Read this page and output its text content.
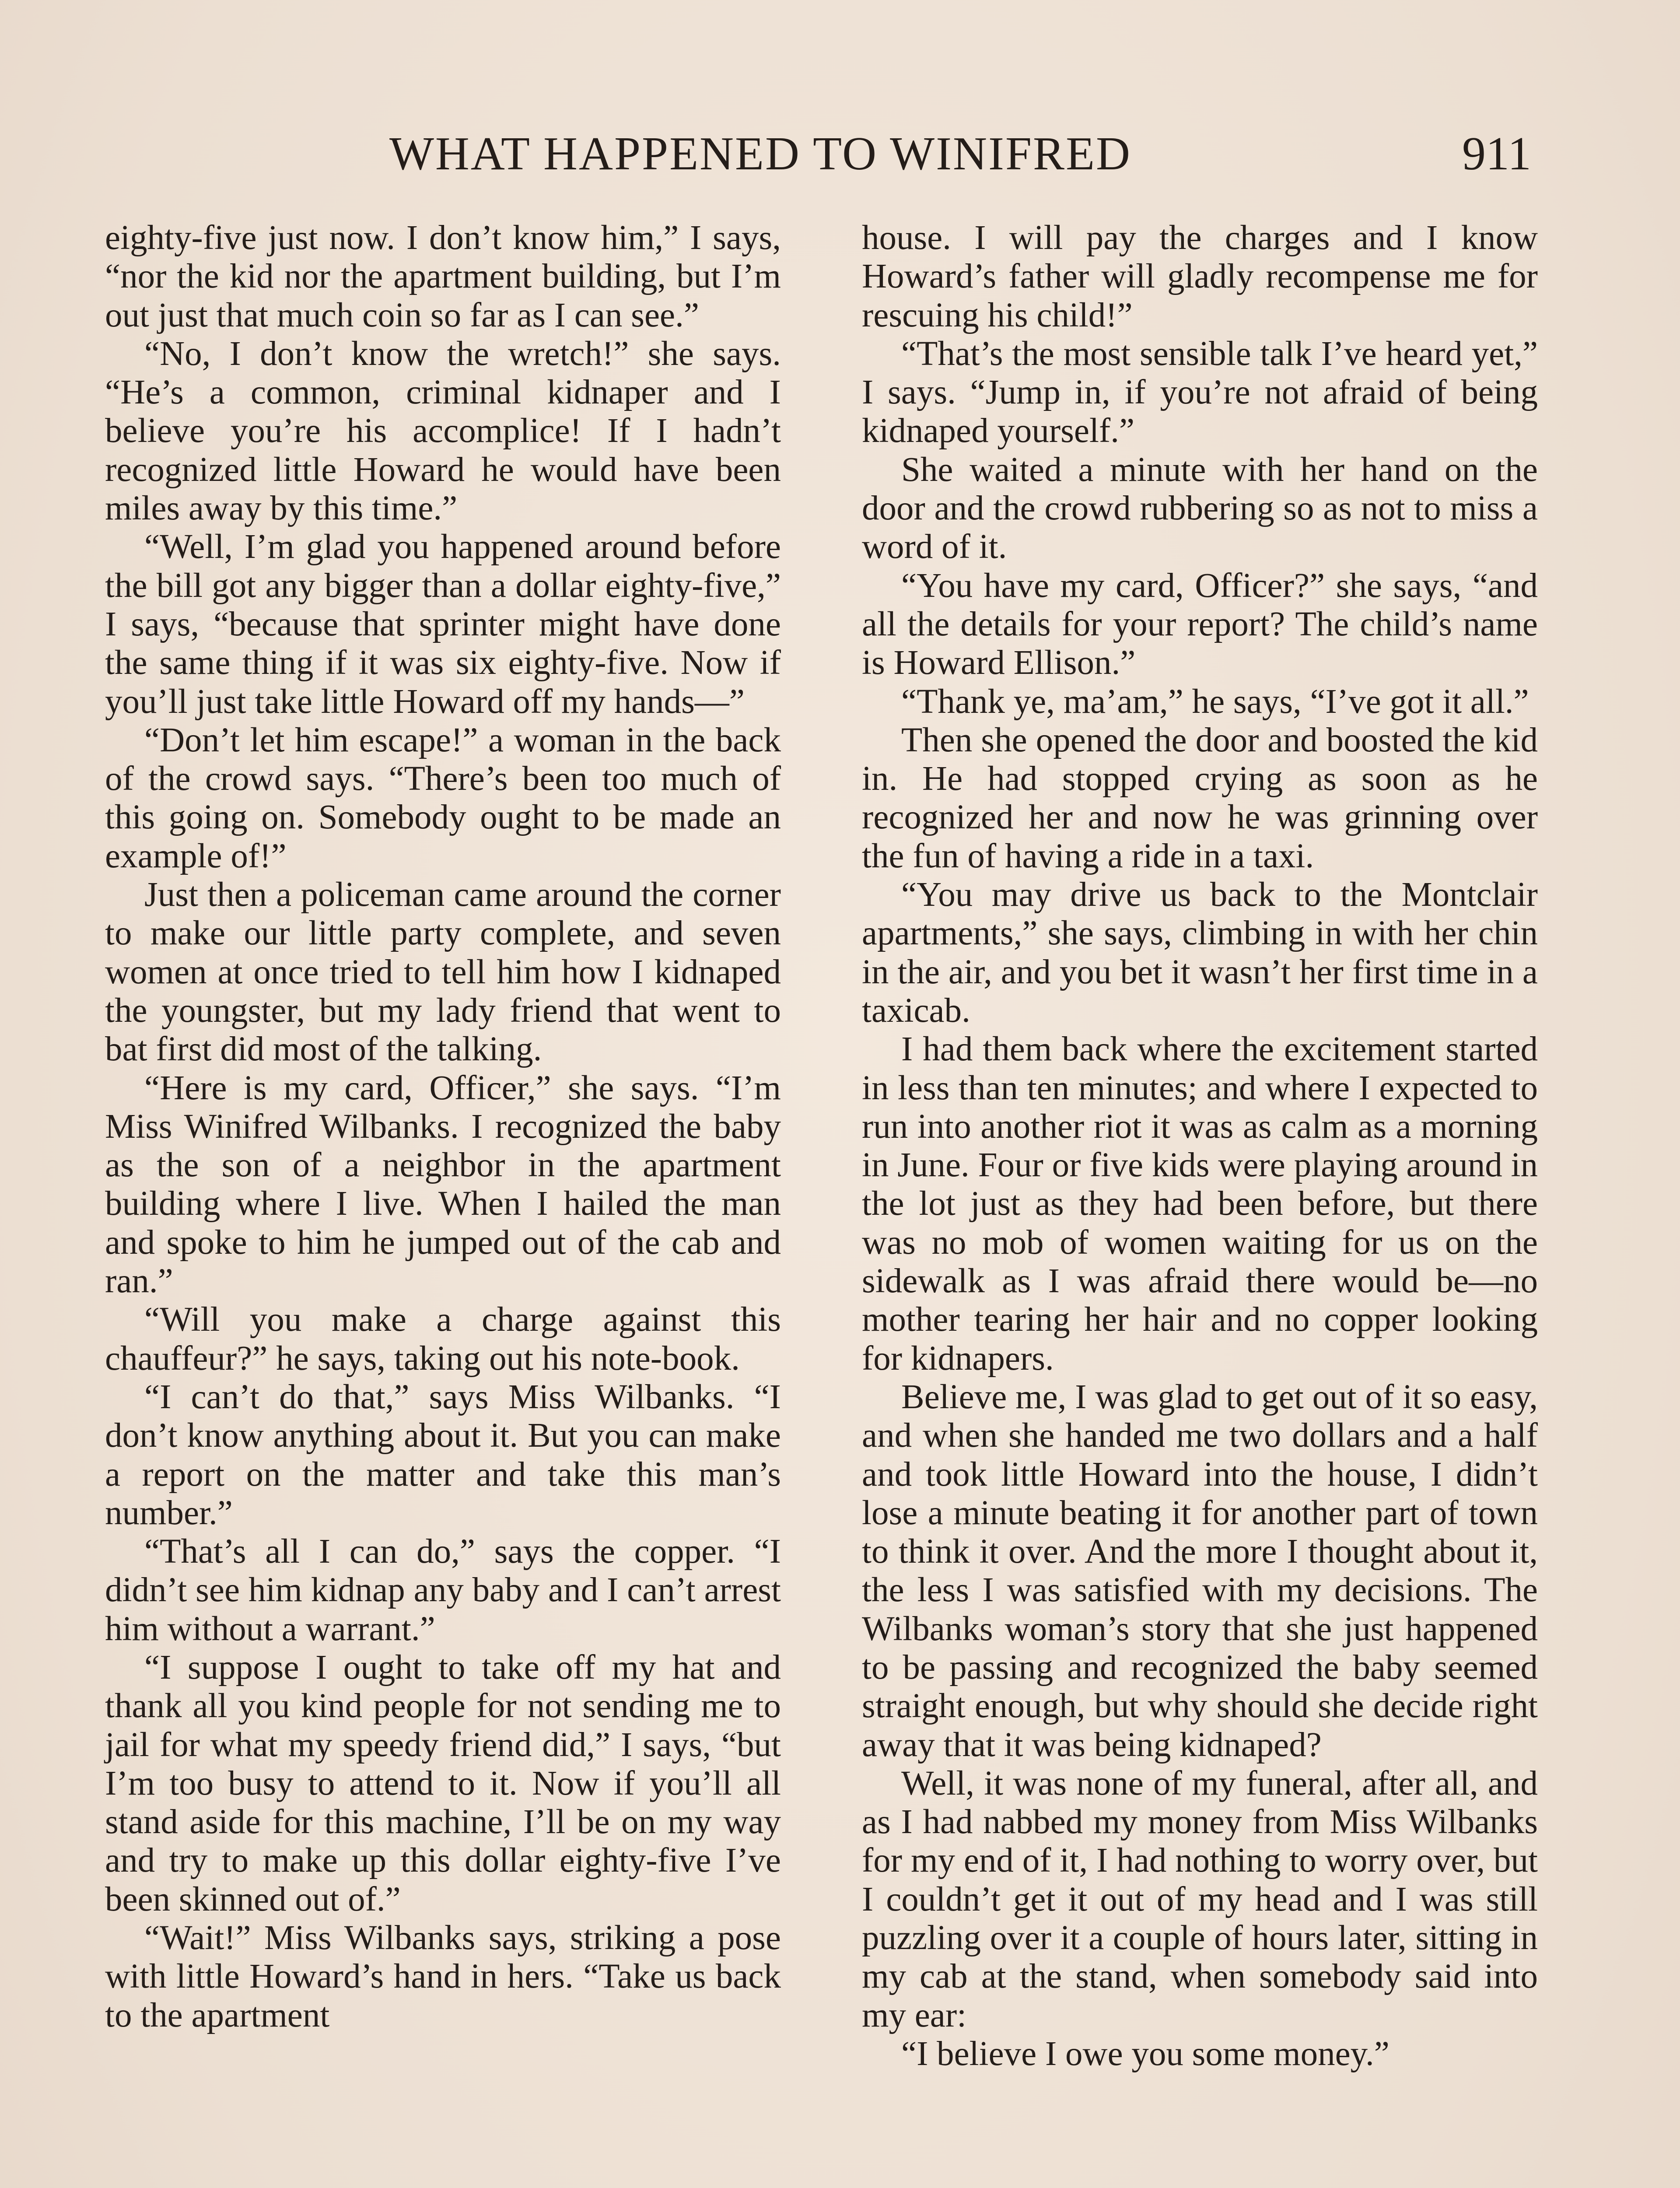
WHAT HAPPENED TO WINIFRED	911

eighty-five just now. I don’t know him,” I says, “nor the kid nor the apartment building, but I’m out just that much coin so far as I can see.”

“No, I don’t know the wretch!” she says. “He’s a common, criminal kidnaper and I believe you’re his accomplice! If I hadn’t recognized little Howard he would have been miles away by this time.”

“Well, I’m glad you happened around before the bill got any bigger than a dollar eighty-five,” I says, “because that sprinter might have done the same thing if it was six eighty-five. Now if you’ll just take little Howard off my hands—”

“Don’t let him escape!” a woman in the back of the crowd says. “There’s been too much of this going on. Somebody ought to be made an example of!”

Just then a policeman came around the corner to make our little party complete, and seven women at once tried to tell him how I kidnaped the youngster, but my lady friend that went to bat first did most of the talking.

“Here is my card, Officer,” she says. “I’m Miss Winifred Wilbanks. I recognized the baby as the son of a neighbor in the apartment building where I live. When I hailed the man and spoke to him he jumped out of the cab and ran.”

“Will you make a charge against this chauffeur?” he says, taking out his note-book.

“I can’t do that,” says Miss Wilbanks. “I don’t know anything about it. But you can make a report on the matter and take this man’s number.”

“That’s all I can do,” says the copper. “I didn’t see him kidnap any baby and I can’t arrest him without a warrant.”

“I suppose I ought to take off my hat and thank all you kind people for not sending me to jail for what my speedy friend did,” I says, “but I’m too busy to attend to it. Now if you’ll all stand aside for this machine, I’ll be on my way and try to make up this dollar eighty-five I’ve been skinned out of.”

“Wait!” Miss Wilbanks says, striking a pose with little Howard’s hand in hers. “Take us back to the apartment

house. I will pay the charges and I know Howard’s father will gladly recompense me for rescuing his child!”

“That’s the most sensible talk I’ve heard yet,” I says. “Jump in, if you’re not afraid of being kidnaped yourself.”

She waited a minute with her hand on the door and the crowd rubbering so as not to miss a word of it.

“You have my card, Officer?” she says, “and all the details for your report? The child’s name is Howard Ellison.”

“Thank ye, ma’am,” he says, “I’ve got it all.”

Then she opened the door and boosted the kid in. He had stopped crying as soon as he recognized her and now he was grinning over the fun of having a ride in a taxi.

“You may drive us back to the Montclair apartments,” she says, climbing in with her chin in the air, and you bet it wasn’t her first time in a taxicab.

I had them back where the excitement started in less than ten minutes; and where I expected to run into another riot it was as calm as a morning in June. Four or five kids were playing around in the lot just as they had been before, but there was no mob of women waiting for us on the sidewalk as I was afraid there would be—no mother tearing her hair and no copper looking for kidnapers.

Believe me, I was glad to get out of it so easy, and when she handed me two dollars and a half and took little Howard into the house, I didn’t lose a minute beating it for another part of town to think it over. And the more I thought about it, the less I was satisfied with my decisions. The Wilbanks woman’s story that she just happened to be passing and recognized the baby seemed straight enough, but why should she decide right away that it was being kidnaped?

Well, it was none of my funeral, after all, and as I had nabbed my money from Miss Wilbanks for my end of it, I had nothing to worry over, but I couldn’t get it out of my head and I was still puzzling over it a couple of hours later, sitting in my cab at the stand, when somebody said into my ear:

“I believe I owe you some money.”
